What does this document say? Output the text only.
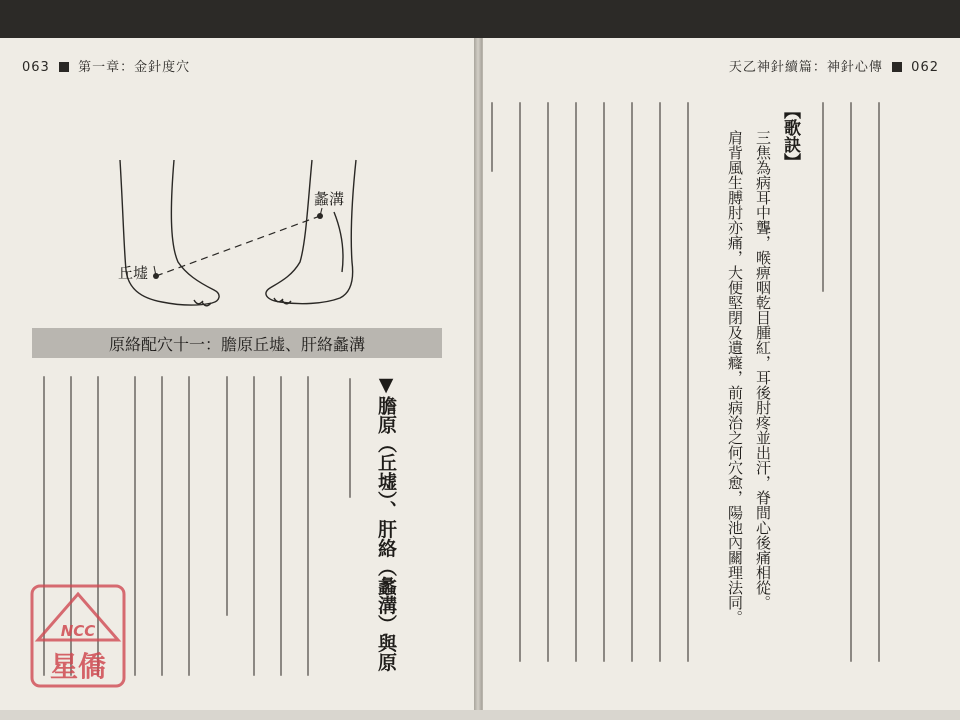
063 第一章：金針度穴
蠡溝
丘墟
原絡配穴十一：膽原丘墟、肝絡蠡溝
▼膽原（丘墟）、肝絡（蠡溝）與原
天乙神針續篇：神針心傳 062
【歌訣】
三焦為病耳中聾，喉痹咽乾目腫紅，耳後肘疼並出汗，脊間心後痛相從。
肩背風生膊肘亦痛，大便堅閉及遺癃，前病治之何穴愈，陽池內關理法同。
NCC
星僑
